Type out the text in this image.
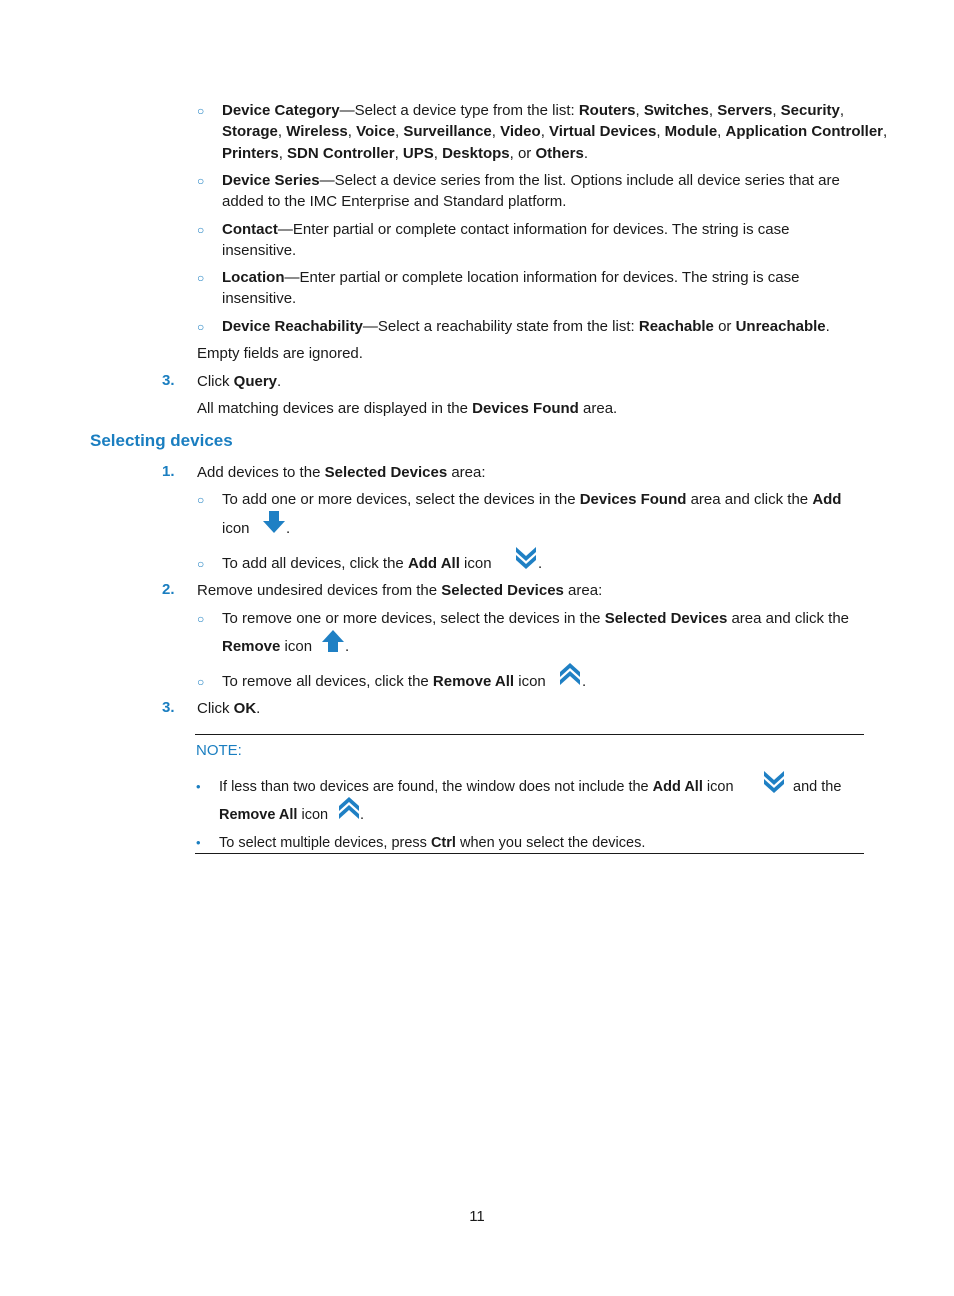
Device Category—Select a device type from the list: Routers, Switches, Servers, Security,
Storage, Wireless, Voice, Surveillance, Video, Virtual Devices, Module, Application Controller,
Printers, SDN Controller, UPS, Desktops, or Others.
Device Series—Select a device series from the list. Options include all device series that are
added to the IMC Enterprise and Standard platform.
Contact—Enter partial or complete contact information for devices. The string is case
insensitive.
Location—Enter partial or complete location information for devices. The string is case
insensitive.
Device Reachability—Select a reachability state from the list: Reachable or Unreachable.
Empty fields are ignored.
Click Query.
All matching devices are displayed in the Devices Found area.
Add devices to the Selected Devices area:
To add one or more devices, select the devices in the Devices Found area and click the Add
icon .
To add all devices, click the Add All icon	.
Remove undesired devices from the Selected Devices area:
To remove one or more devices, select the devices in the Selected Devices area and click the
Remove icon .
To remove all devices, click the Remove All icon .
Click OK.
If less than two devices are found, the window does not include the Add All icon	and the
Remove All icon .
To select multiple devices, press Ctrl when you select the devices.
○
○
○
○
○
3.
Selecting devices
1.
○
○
2.
○
○
3.
NOTE:
•
•
11
